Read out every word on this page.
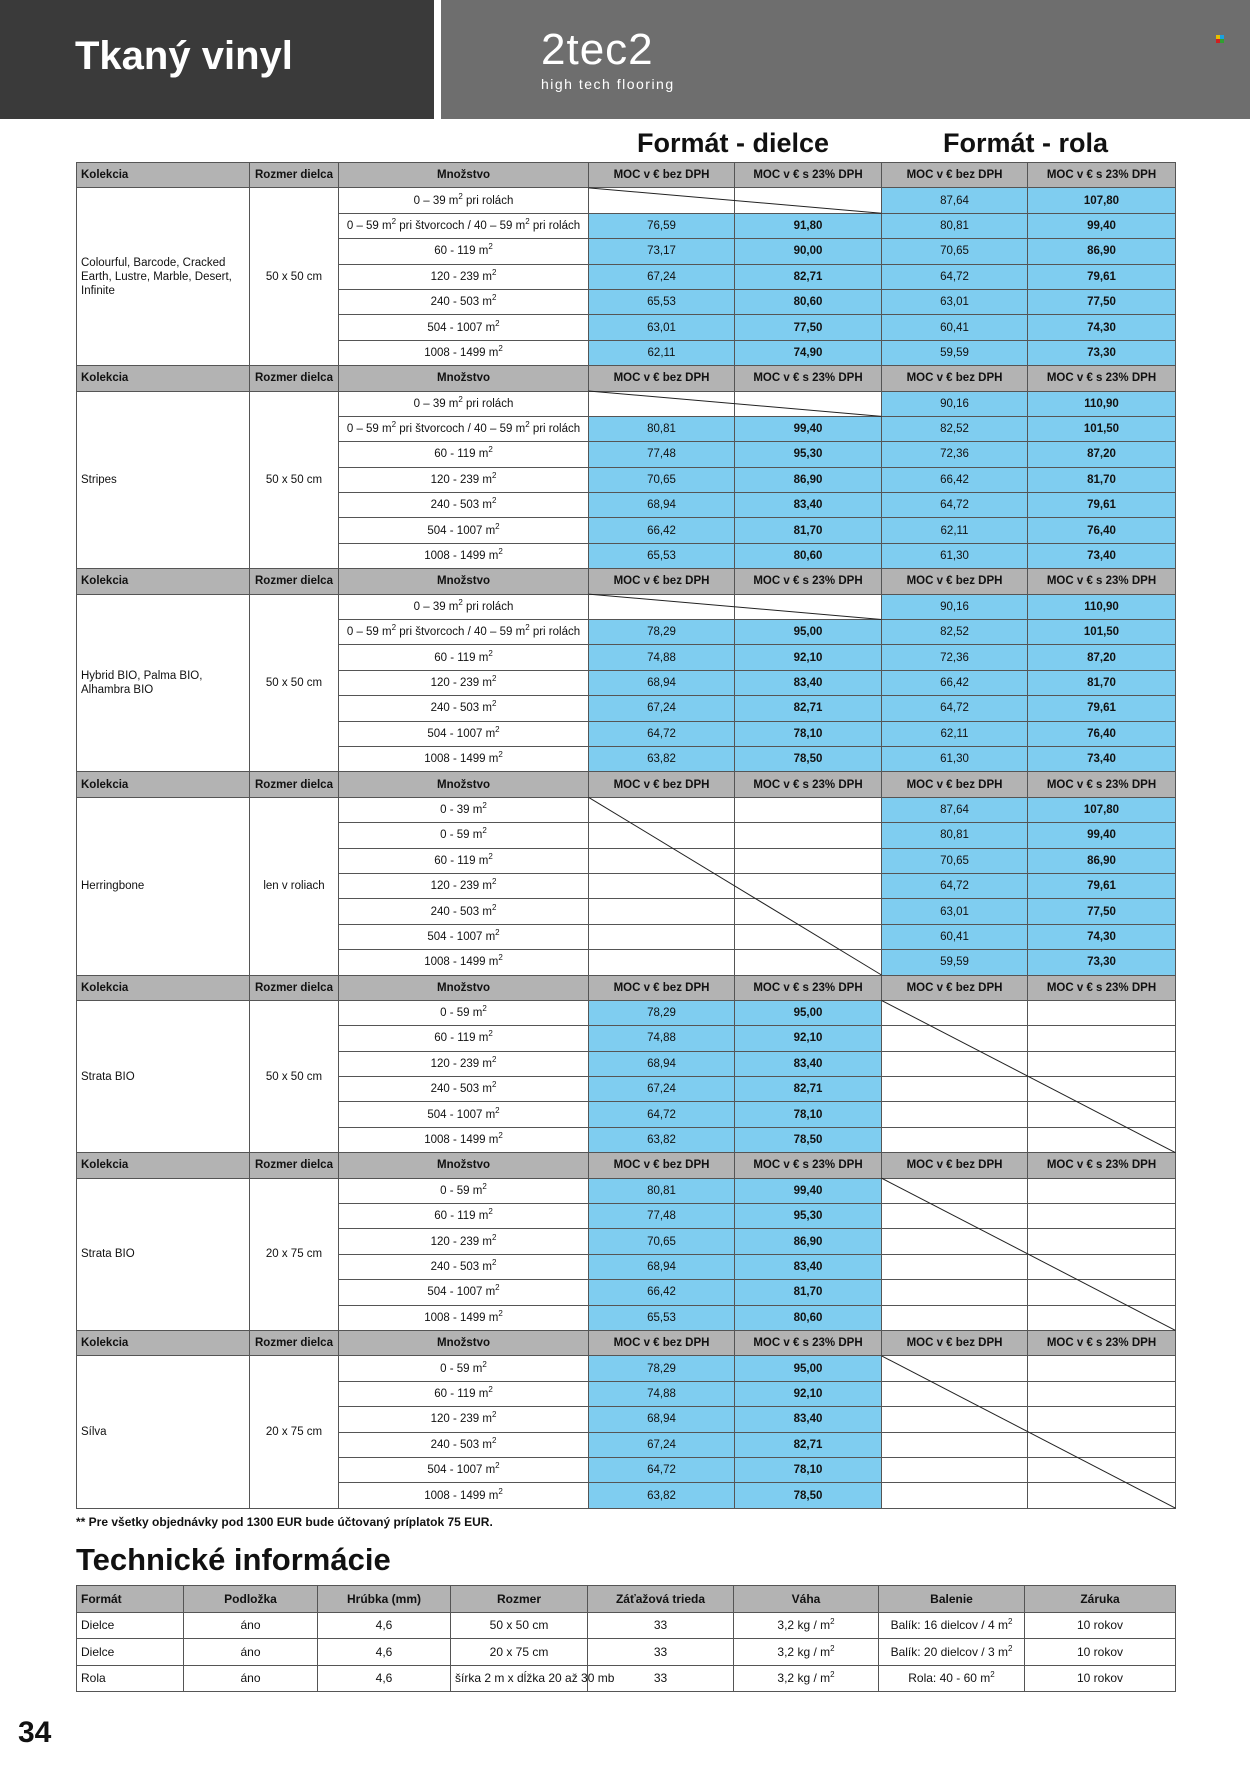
Tkaný vinyl	2tec2
high tech flooring
Formát - dielce	Formát - rola
Kolekcia	Rozmer dielca	Množstvo	MOC v € bez DPH	MOC v € s 23% DPH	MOC v € bez DPH	MOC v € s 23% DPH
Colourful, Barcode, Cracked Earth, Lustre, Marble, Desert, Infinite	50 x 50 cm	0 – 39 $m^2$ pri rolách			87,64	107,80
		0 – 59 $m^2$ pri štvorcoch / 40 – 59 $m^2$ pri rolách	76,59	91,80	80,81	99,40
		60 - 119 $m^2$	73,17	90,00	70,65	86,90
		120 - 239 $m^2$	67,24	82,71	64,72	79,61
		240 - 503 $m^2$	65,53	80,60	63,01	77,50
		504 - 1007 $m^2$	63,01	77,50	60,41	74,30
		1008 - 1499 $m^2$	62,11	74,90	59,59	73,30
Kolekcia	Rozmer dielca	Množstvo	MOC v € bez DPH	MOC v € s 23% DPH	MOC v € bez DPH	MOC v € s 23% DPH
Stripes	50 x 50 cm	0 – 39 $m^2$ pri rolách			90,16	110,90
		0 – 59 $m^2$ pri štvorcoch / 40 – 59 $m^2$ pri rolách	80,81	99,40	82,52	101,50
		60 - 119 $m^2$	77,48	95,30	72,36	87,20
		120 - 239 $m^2$	70,65	86,90	66,42	81,70
		240 - 503 $m^2$	68,94	83,40	64,72	79,61
		504 - 1007 $m^2$	66,42	81,70	62,11	76,40
		1008 - 1499 $m^2$	65,53	80,60	61,30	73,40
Kolekcia	Rozmer dielca	Množstvo	MOC v € bez DPH	MOC v € s 23% DPH	MOC v € bez DPH	MOC v € s 23% DPH
Hybrid BIO, Palma BIO, Alhambra BIO	50 x 50 cm	0 – 39 $m^2$ pri rolách			90,16	110,90
		0 – 59 $m^2$ pri štvorcoch / 40 – 59 $m^2$ pri rolách	78,29	95,00	82,52	101,50
		60 - 119 $m^2$	74,88	92,10	72,36	87,20
		120 - 239 $m^2$	68,94	83,40	66,42	81,70
		240 - 503 $m^2$	67,24	82,71	64,72	79,61
		504 - 1007 $m^2$	64,72	78,10	62,11	76,40
		1008 - 1499 $m^2$	63,82	78,50	61,30	73,40
Kolekcia	Rozmer dielca	Množstvo	MOC v € bez DPH	MOC v € s 23% DPH	MOC v € bez DPH	MOC v € s 23% DPH
Herringbone	len v roliach	0 - 39 $m^2$			87,64	107,80
		0 - 59 $m^2$			80,81	99,40
		60 - 119 $m^2$			70,65	86,90
		120 - 239 $m^2$			64,72	79,61
		240 - 503 $m^2$			63,01	77,50
		504 - 1007 $m^2$			60,41	74,30
		1008 - 1499 $m^2$			59,59	73,30
Kolekcia	Rozmer dielca	Množstvo	MOC v € bez DPH	MOC v € s 23% DPH	MOC v € bez DPH	MOC v € s 23% DPH
Strata BIO	50 x 50 cm	0 - 59 $m^2$	78,29	95,00		
		60 - 119 $m^2$	74,88	92,10		
		120 - 239 $m^2$	68,94	83,40		
		240 - 503 $m^2$	67,24	82,71		
		504 - 1007 $m^2$	64,72	78,10		
		1008 - 1499 $m^2$	63,82	78,50		
Kolekcia	Rozmer dielca	Množstvo	MOC v € bez DPH	MOC v € s 23% DPH	MOC v € bez DPH	MOC v € s 23% DPH
Strata BIO	20 x 75 cm	0 - 59 $m^2$	80,81	99,40		
		60 - 119 $m^2$	77,48	95,30		
		120 - 239 $m^2$	70,65	86,90		
		240 - 503 $m^2$	68,94	83,40		
		504 - 1007 $m^2$	66,42	81,70		
		1008 - 1499 $m^2$	65,53	80,60		
Kolekcia	Rozmer dielca	Množstvo	MOC v € bez DPH	MOC v € s 23% DPH	MOC v € bez DPH	MOC v € s 23% DPH
Sílva	20 x 75 cm	0 - 59 $m^2$	78,29	95,00		
		60 - 119 $m^2$	74,88	92,10		
		120 - 239 $m^2$	68,94	83,40		
		240 - 503 $m^2$	67,24	82,71		
		504 - 1007 $m^2$	64,72	78,10		
		1008 - 1499 $m^2$	63,82	78,50		
** Pre všetky objednávky pod 1300 EUR bude účtovaný príplatok 75 EUR.
Technické informácie
Formát	Podložka	Hrúbka (mm)	Rozmer	Záťažová trieda	Váha	Balenie	Záruka
Dielce	áno	4,6	50 x 50 cm	33	3,2 kg / $m^2$	Balík: 16 dielcov / 4 $m^2$	10 rokov
Dielce	áno	4,6	20 x 75 cm	33	3,2 kg / $m^2$	Balík: 20 dielcov / 3 $m^2$	10 rokov
Rola	áno	4,6	šírka 2 m x dĺžka 20 až 30 mb	33	3,2 kg / $m^2$	Rola: 40 - 60 $m^2$	10 rokov
34
